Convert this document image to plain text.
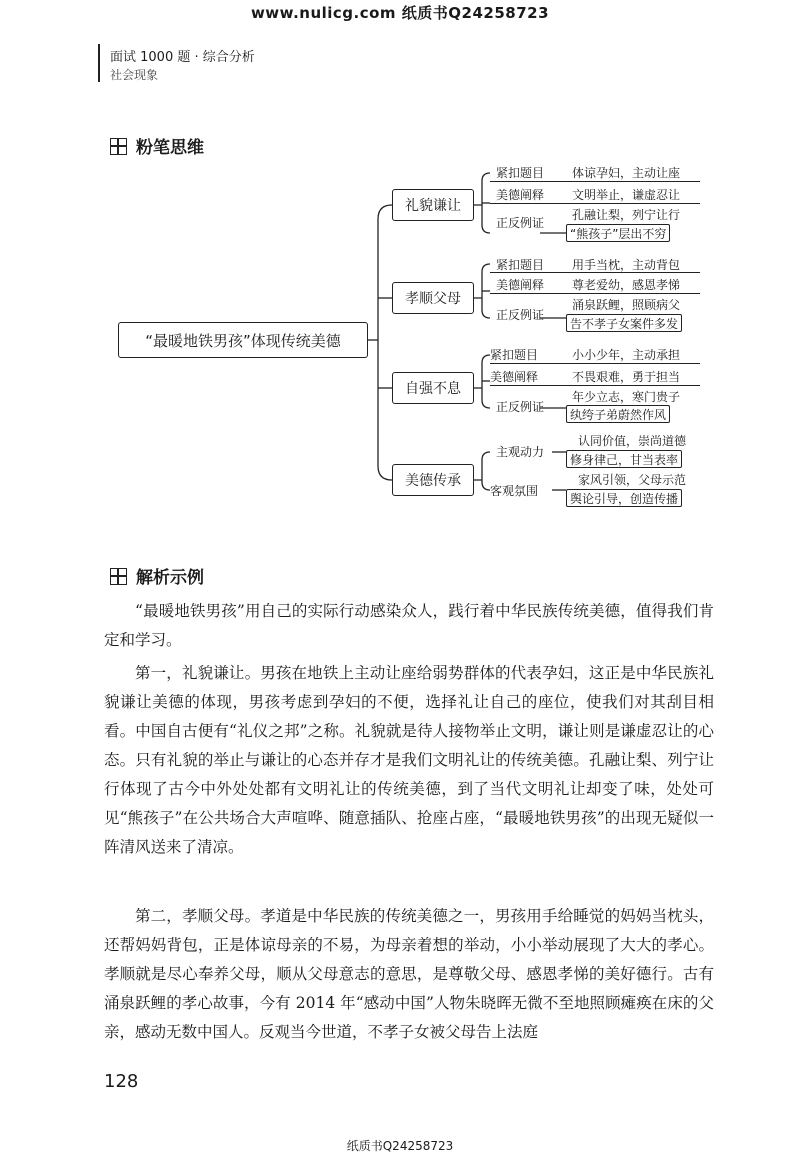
www.nulicg.com 纸质书Q24258723
面试 1000 题 · 综合分析
社会现象
粉笔思维
“最暖地铁男孩”体现传统美德
礼貌谦让
孝顺父母
自强不息
美德传承
紧扣题目 体谅孕妇，主动让座
美德阐释 文明举止，谦虚忍让
正反例证
孔融让梨，列宁让行
“熊孩子”层出不穷
紧扣题目 用手当枕，主动背包
美德阐释 尊老爱幼，感恩孝悌
正反例证
涌泉跃鲤，照顾病父
告不孝子女案件多发
紧扣题目	小小少年，主动承担
美德阐释	不畏艰难，勇于担当
正反例证
年少立志，寒门贵子
纨绔子弟蔚然作风
主观动力
认同价值，崇尚道德
修身律己，甘当表率
客观氛围
家风引领，父母示范
舆论引导，创造传播
解析示例
“最暖地铁男孩”用自己的实际行动感染众人，践行着中华民族传统美德，值得我们肯定和学习。
第一，礼貌谦让。男孩在地铁上主动让座给弱势群体的代表孕妇，这正是中华民族礼貌谦让美德的体现，男孩考虑到孕妇的不便，选择礼让自己的座位，使我们对其刮目相看。中国自古便有“礼仪之邦”之称。礼貌就是待人接物举止文明，谦让则是谦虚忍让的心态。只有礼貌的举止与谦让的心态并存才是我们文明礼让的传统美德。孔融让梨、列宁让行体现了古今中外处处都有文明礼让的传统美德，到了当代文明礼让却变了味，处处可见“熊孩子”在公共场合大声喧哗、随意插队、抢座占座，“最暖地铁男孩”的出现无疑似一阵清风送来了清凉。
第二，孝顺父母。孝道是中华民族的传统美德之一，男孩用手给睡觉的妈妈当枕头，还帮妈妈背包，正是体谅母亲的不易，为母亲着想的举动，小小举动展现了大大的孝心。孝顺就是尽心奉养父母，顺从父母意志的意思，是尊敬父母、感恩孝悌的美好德行。古有涌泉跃鲤的孝心故事，今有 2014 年“感动中国”人物朱晓晖无微不至地照顾瘫痪在床的父亲，感动无数中国人。反观当今世道，不孝子女被父母告上法庭
128
纸质书Q24258723
